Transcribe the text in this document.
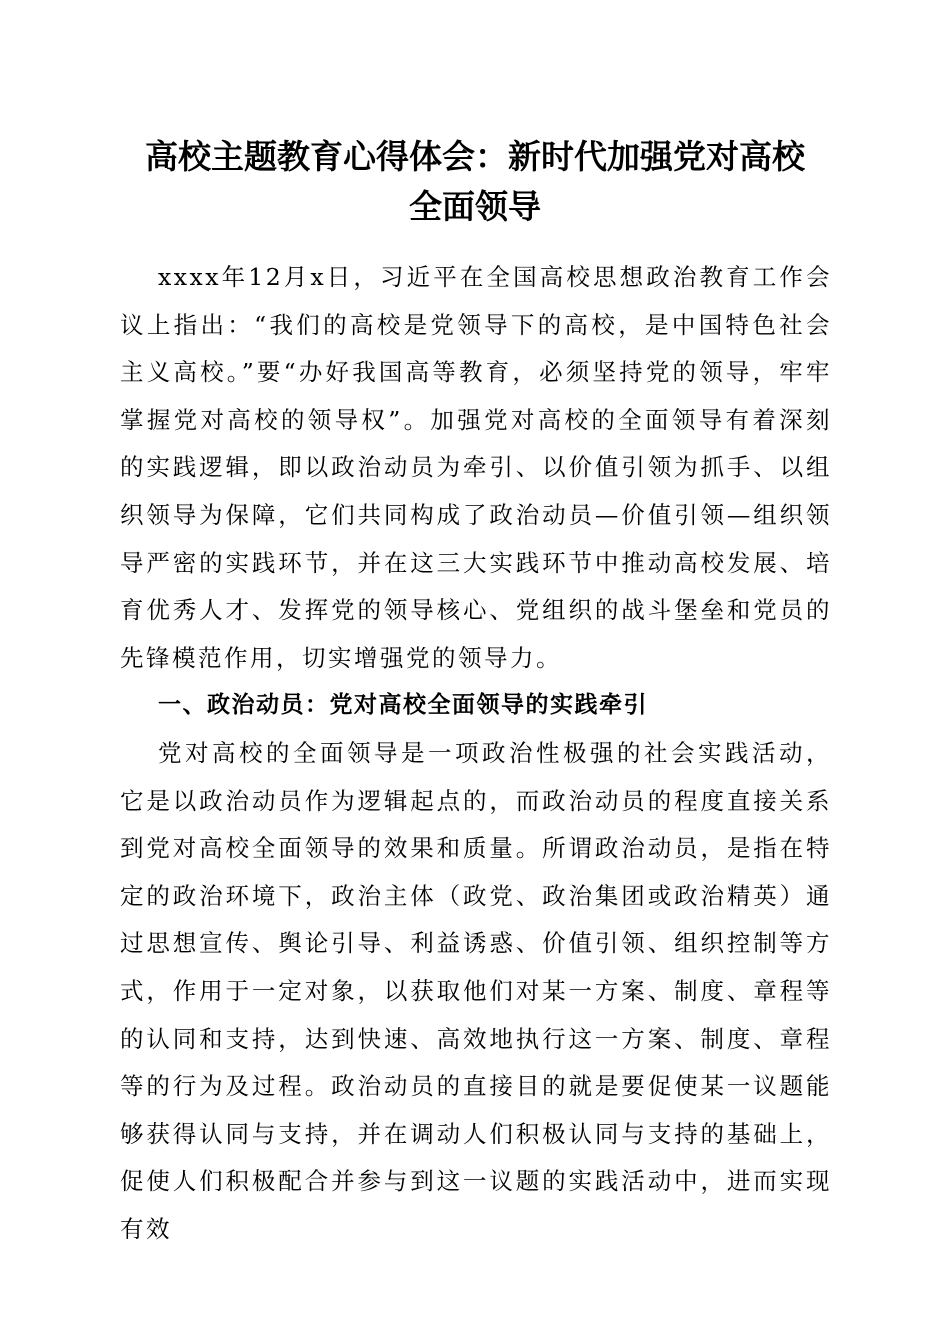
高校主题教育心得体会：新时代加强党对高校
全面领导

xxxx年12月x日，习近平在全国高校思想政治教育工作会议上指出：“我们的高校是党领导下的高校，是中国特色社会主义高校。”要“办好我国高等教育，必须坚持党的领导，牢牢掌握党对高校的领导权”。加强党对高校的全面领导有着深刻的实践逻辑，即以政治动员为牵引、以价值引领为抓手、以组织领导为保障，它们共同构成了政治动员—价值引领—组织领导严密的实践环节，并在这三大实践环节中推动高校发展、培育优秀人才、发挥党的领导核心、党组织的战斗堡垒和党员的先锋模范作用，切实增强党的领导力。

一、政治动员：党对高校全面领导的实践牵引

党对高校的全面领导是一项政治性极强的社会实践活动，它是以政治动员作为逻辑起点的，而政治动员的程度直接关系到党对高校全面领导的效果和质量。所谓政治动员，是指在特定的政治环境下，政治主体（政党、政治集团或政治精英）通过思想宣传、舆论引导、利益诱惑、价值引领、组织控制等方式，作用于一定对象，以获取他们对某一方案、制度、章程等的认同和支持，达到快速、高效地执行这一方案、制度、章程等的行为及过程。政治动员的直接目的就是要促使某一议题能够获得认同与支持，并在调动人们积极认同与支持的基础上，促使人们积极配合并参与到这一议题的实践活动中，进而实现有效
